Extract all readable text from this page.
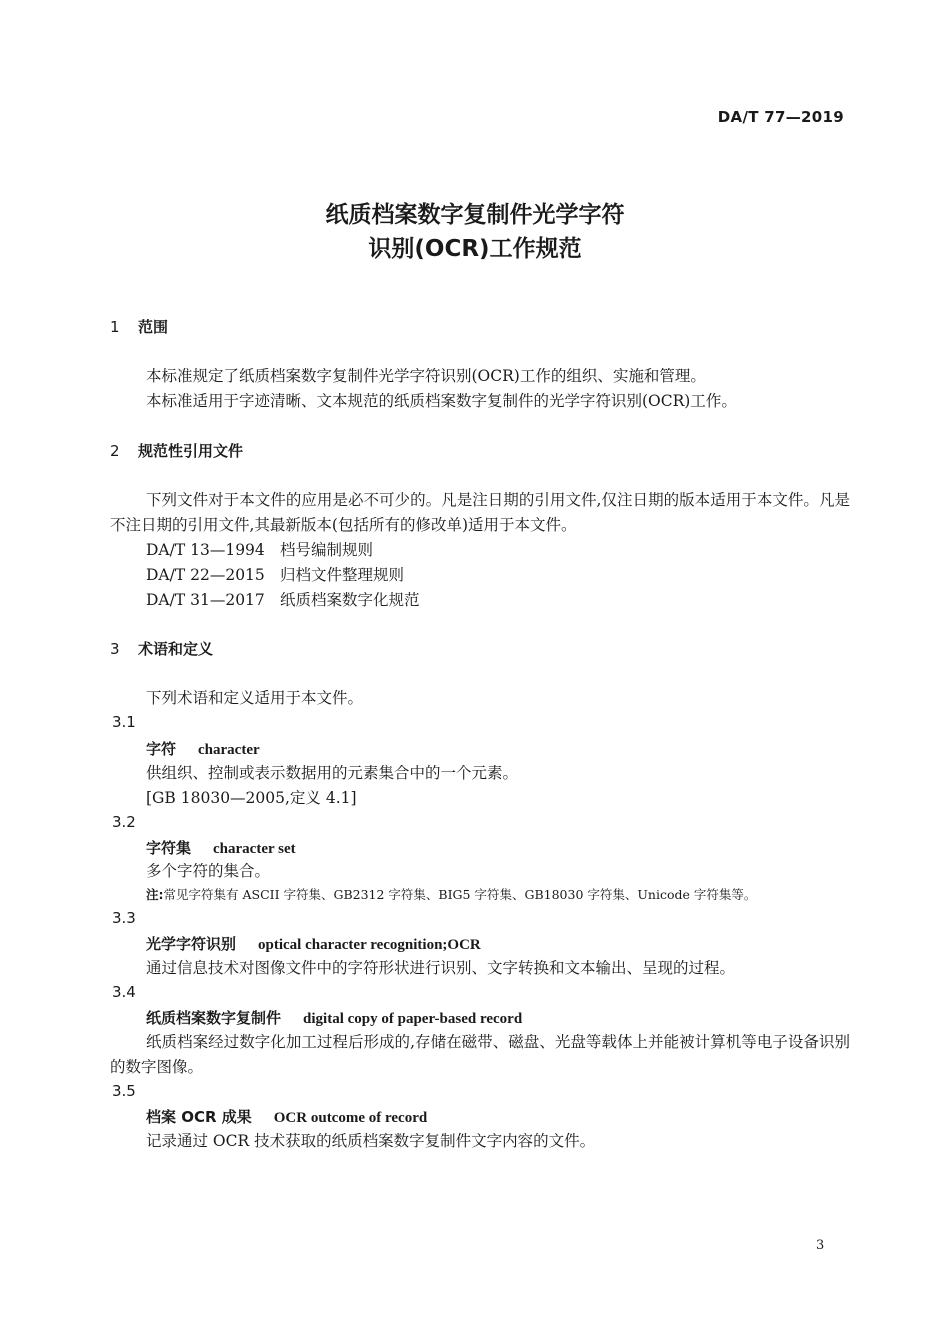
DA/T 77—2019
纸质档案数字复制件光学字符
识别(OCR)工作规范
1 范围
本标准规定了纸质档案数字复制件光学字符识别(OCR)工作的组织、实施和管理。
本标准适用于字迹清晰、文本规范的纸质档案数字复制件的光学字符识别(OCR)工作。
2 规范性引用文件
下列文件对于本文件的应用是必不可少的。凡是注日期的引用文件,仅注日期的版本适用于本文件。凡是不注日期的引用文件,其最新版本(包括所有的修改单)适用于本文件。
DA/T 13—1994 档号编制规则
DA/T 22—2015 归档文件整理规则
DA/T 31—2017 纸质档案数字化规范
3 术语和定义
下列术语和定义适用于本文件。
3.1
字符 character
供组织、控制或表示数据用的元素集合中的一个元素。
[GB 18030—2005,定义 4.1]
3.2
字符集 character set
多个字符的集合。
注:常见字符集有 ASCII 字符集、GB2312 字符集、BIG5 字符集、GB18030 字符集、Unicode 字符集等。
3.3
光学字符识别 optical character recognition;OCR
通过信息技术对图像文件中的字符形状进行识别、文字转换和文本输出、呈现的过程。
3.4
纸质档案数字复制件 digital copy of paper-based record
纸质档案经过数字化加工过程后形成的,存储在磁带、磁盘、光盘等载体上并能被计算机等电子设备识别的数字图像。
3.5
档案 OCR 成果 OCR outcome of record
记录通过 OCR 技术获取的纸质档案数字复制件文字内容的文件。
3
